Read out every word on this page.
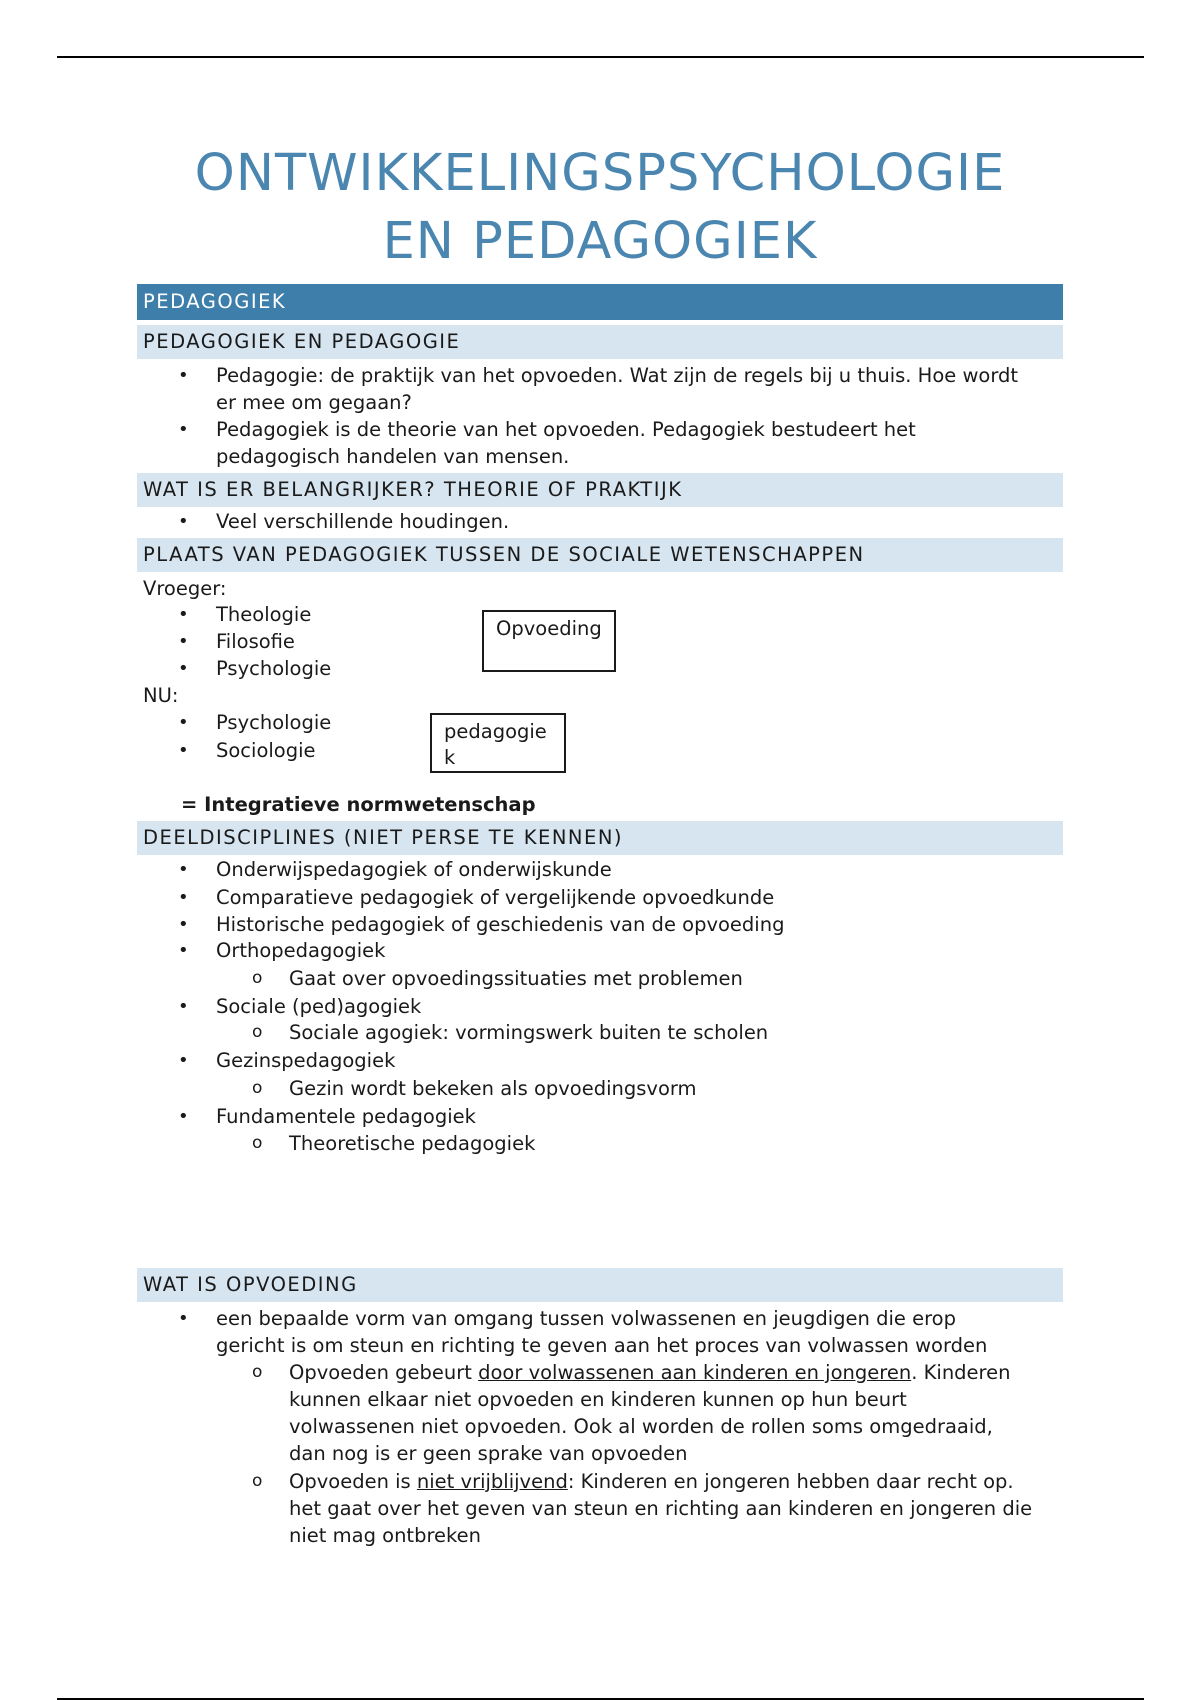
ONTWIKKELINGSPSYCHOLOGIE
EN PEDAGOGIEK
PEDAGOGIEK
PEDAGOGIEK EN PEDAGOGIE
• Pedagogie: de praktijk van het opvoeden. Wat zijn de regels bij u thuis. Hoe wordt
er mee om gegaan?
• Pedagogiek is de theorie van het opvoeden. Pedagogiek bestudeert het
pedagogisch handelen van mensen.
WAT IS ER BELANGRIJKER? THEORIE OF PRAKTIJK
• Veel verschillende houdingen.
PLAATS VAN PEDAGOGIEK TUSSEN DE SOCIALE WETENSCHAPPEN
Vroeger:
• Theologie
• Filosofie
• Psychologie
Opvoeding
NU:
• Psychologie
• Sociologie
pedagogiek
= Integratieve normwetenschap
DEELDISCIPLINES (NIET PERSE TE KENNEN)
• Onderwijspedagogiek of onderwijskunde
• Comparatieve pedagogiek of vergelijkende opvoedkunde
• Historische pedagogiek of geschiedenis van de opvoeding
• Orthopedagogiek
o Gaat over opvoedingssituaties met problemen
• Sociale (ped)agogiek
o Sociale agogiek: vormingswerk buiten te scholen
• Gezinspedagogiek
o Gezin wordt bekeken als opvoedingsvorm
• Fundamentele pedagogiek
o Theoretische pedagogiek
WAT IS OPVOEDING
• een bepaalde vorm van omgang tussen volwassenen en jeugdigen die erop
gericht is om steun en richting te geven aan het proces van volwassen worden
o Opvoeden gebeurt door volwassenen aan kinderen en jongeren. Kinderen
kunnen elkaar niet opvoeden en kinderen kunnen op hun beurt
volwassenen niet opvoeden. Ook al worden de rollen soms omgedraaid,
dan nog is er geen sprake van opvoeden
o Opvoeden is niet vrijblijvend: Kinderen en jongeren hebben daar recht op.
het gaat over het geven van steun en richting aan kinderen en jongeren die
niet mag ontbreken
